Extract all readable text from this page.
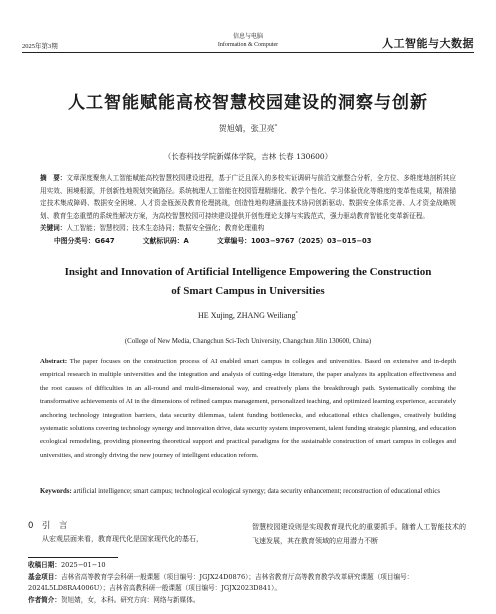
2025年第3期
信息与电脑
Information & Computer	人工智能与大数据
人工智能赋能高校智慧校园建设的洞察与创新
贺旭婧，张卫亮*
（长春科技学院新媒体学院，吉林 长春 130600）
摘　要：文章深度聚焦人工智能赋能高校智慧校园建设进程，基于广泛且深入的多校实证调研与前沿文献整合分析，全方位、多维度地剖析其应用实效、困境根源，并创新性地规划突破路径。系统梳理人工智能在校园管理精细化、教学个性化、学习体验优化等维度的变革性成果，精准锚定技术集成障碍、数据安全困境、人才资金瓶颈及教育伦理挑战，创造性地构建涵盖技术协同创新驱动、数据安全体系完善、人才资金战略规划、教育生态重塑的系统性解决方案，为高校智慧校园可持续建设提供开创性理论支撑与实践范式，强力驱动教育智能化变革新征程。
关键词：人工智能；智慧校园；技术生态协同；数据安全强化；教育伦理重构
中图分类号：G647	文献标识码：A	文章编号：1003−9767（2025）03−015−03
Insight and Innovation of Artificial Intelligence Empowering the Construction
of Smart Campus in Universities
HE Xujing, ZHANG Weiliang*
(College of New Media, Changchun Sci-Tech University, Changchun Jilin 130600, China)
Abstract: The paper focuses on the construction process of AI enabled smart campus in colleges and universities. Based on extensive and in-depth empirical research in multiple universities and the integration and analysis of cutting-edge literature, the paper analyzes its application effectiveness and the root causes of difficulties in an all-round and multi-dimensional way, and creatively plans the breakthrough path. Systematically combing the transformative achievements of AI in the dimensions of refined campus management, personalized teaching, and optimized learning experience, accurately anchoring technology integration barriers, data security dilemmas, talent funding bottlenecks, and educational ethics challenges, creatively building systematic solutions covering technology synergy and innovation drive, data security system improvement, talent funding strategic planning, and education ecological remodeling, providing pioneering theoretical support and practical paradigms for the sustainable construction of smart campus in colleges and universities, and strongly driving the new journey of intelligent education reform.
Keywords: artificial intelligence; smart campus; technological ecological synergy; data security enhancement; reconstruction of educational ethics
0　引　言

从宏观层面来看，教育现代化是国家现代化的基石，

智慧校园建设则是实现教育现代化的重要抓手。随着人工智能技术的飞速发展，其在教育领域的应用潜力不断

收稿日期：2025−01−10
基金项目：吉林省高等教育学会科研一般课题（项目编号：JGJX24D0876）；吉林省教育厅高等教育教学改革研究课题（项目编号：2024L5LD8RA4006U）；吉林省高教科研一般课题（项目编号：JGJX2023D841）。
作者简介：贺旭婧，女，本科。研究方向：网络与新媒体。
